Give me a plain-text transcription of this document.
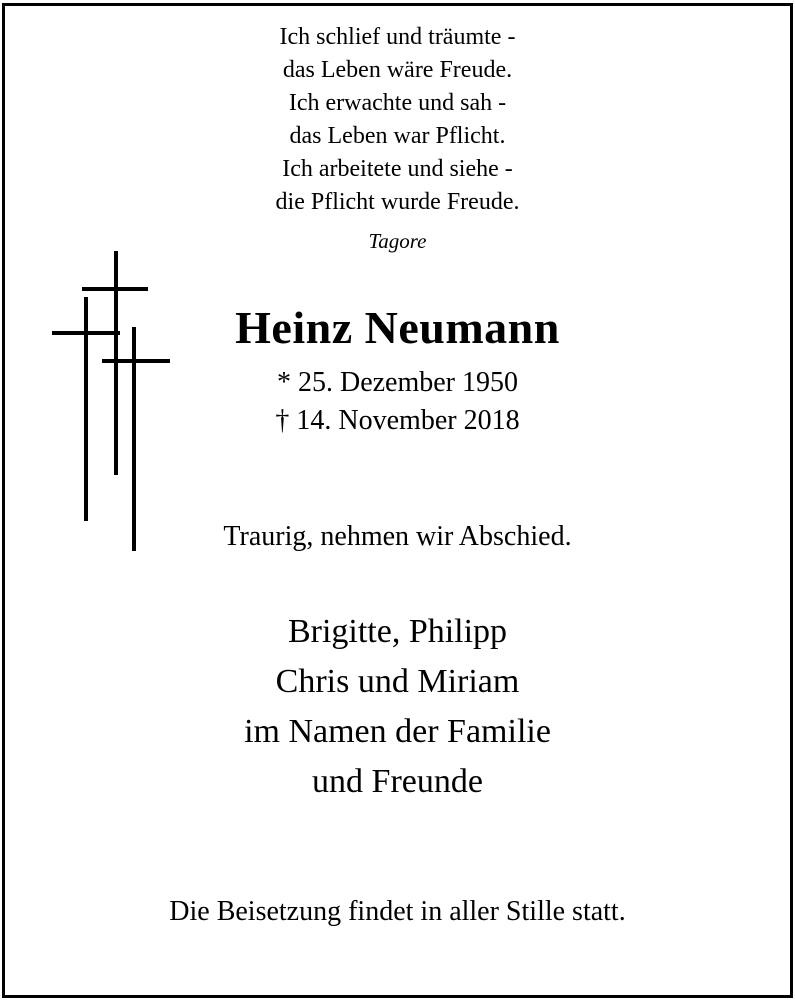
Ich schlief und träumte -
das Leben wäre Freude.
Ich erwachte und sah -
das Leben war Pflicht.
Ich arbeitete und siehe -
die Pflicht wurde Freude.
Tagore
Heinz Neumann
* 25. Dezember 1950
† 14. November 2018
Traurig, nehmen wir Abschied.
Brigitte, Philipp
Chris und Miriam
im Namen der Familie
und Freunde
Die Beisetzung findet in aller Stille statt.
